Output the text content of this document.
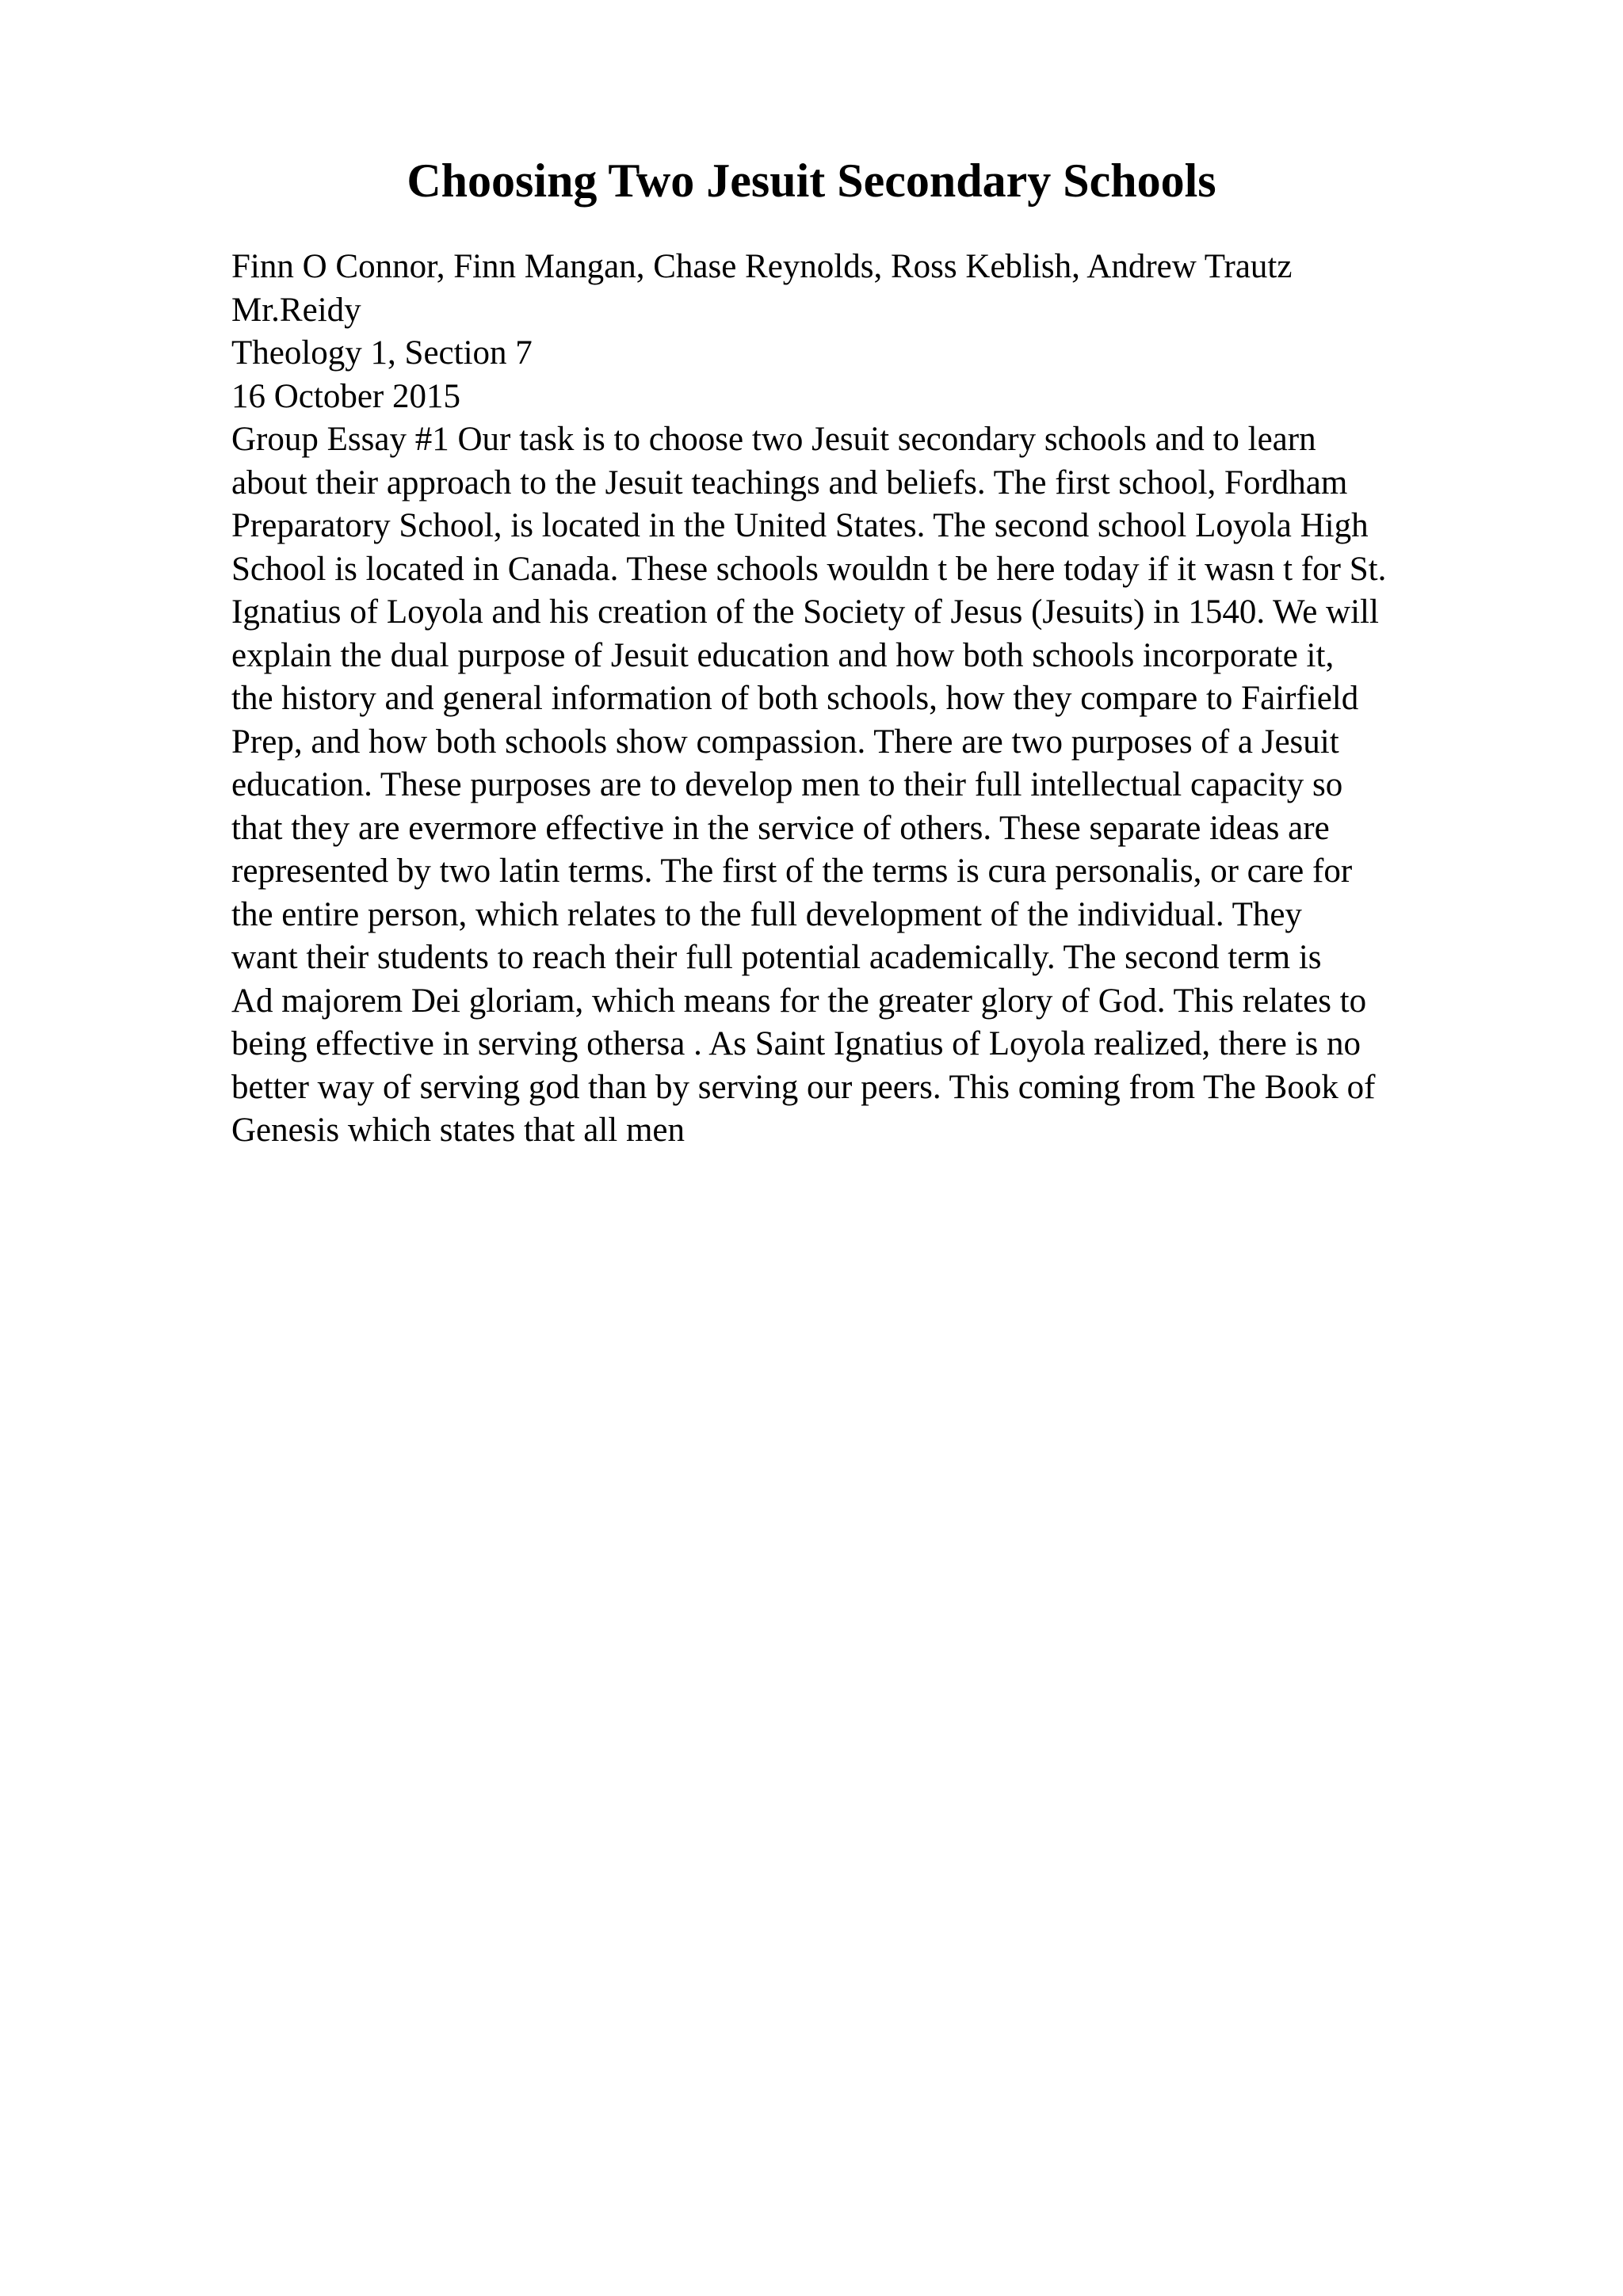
Choosing Two Jesuit Secondary Schools
Finn O Connor, Finn Mangan, Chase Reynolds, Ross Keblish, Andrew Trautz
Mr.Reidy
Theology 1, Section 7
16 October 2015
Group Essay #1 Our task is to choose two Jesuit secondary schools and to learn
about their approach to the Jesuit teachings and beliefs. The first school, Fordham
Preparatory School, is located in the United States. The second school Loyola High
School is located in Canada. These schools wouldn t be here today if it wasn t for St.
Ignatius of Loyola and his creation of the Society of Jesus (Jesuits) in 1540. We will
explain the dual purpose of Jesuit education and how both schools incorporate it,
the history and general information of both schools, how they compare to Fairfield
Prep, and how both schools show compassion. There are two purposes of a Jesuit
education. These purposes are to develop men to their full intellectual capacity so
that they are evermore effective in the service of others. These separate ideas are
represented by two latin terms. The first of the terms is cura personalis, or care for
the entire person, which relates to the full development of the individual. They
want their students to reach their full potential academically. The second term is
Ad majorem Dei gloriam, which means for the greater glory of God. This relates to
being effective in serving othersa . As Saint Ignatius of Loyola realized, there is no
better way of serving god than by serving our peers. This coming from The Book of
Genesis which states that all men
